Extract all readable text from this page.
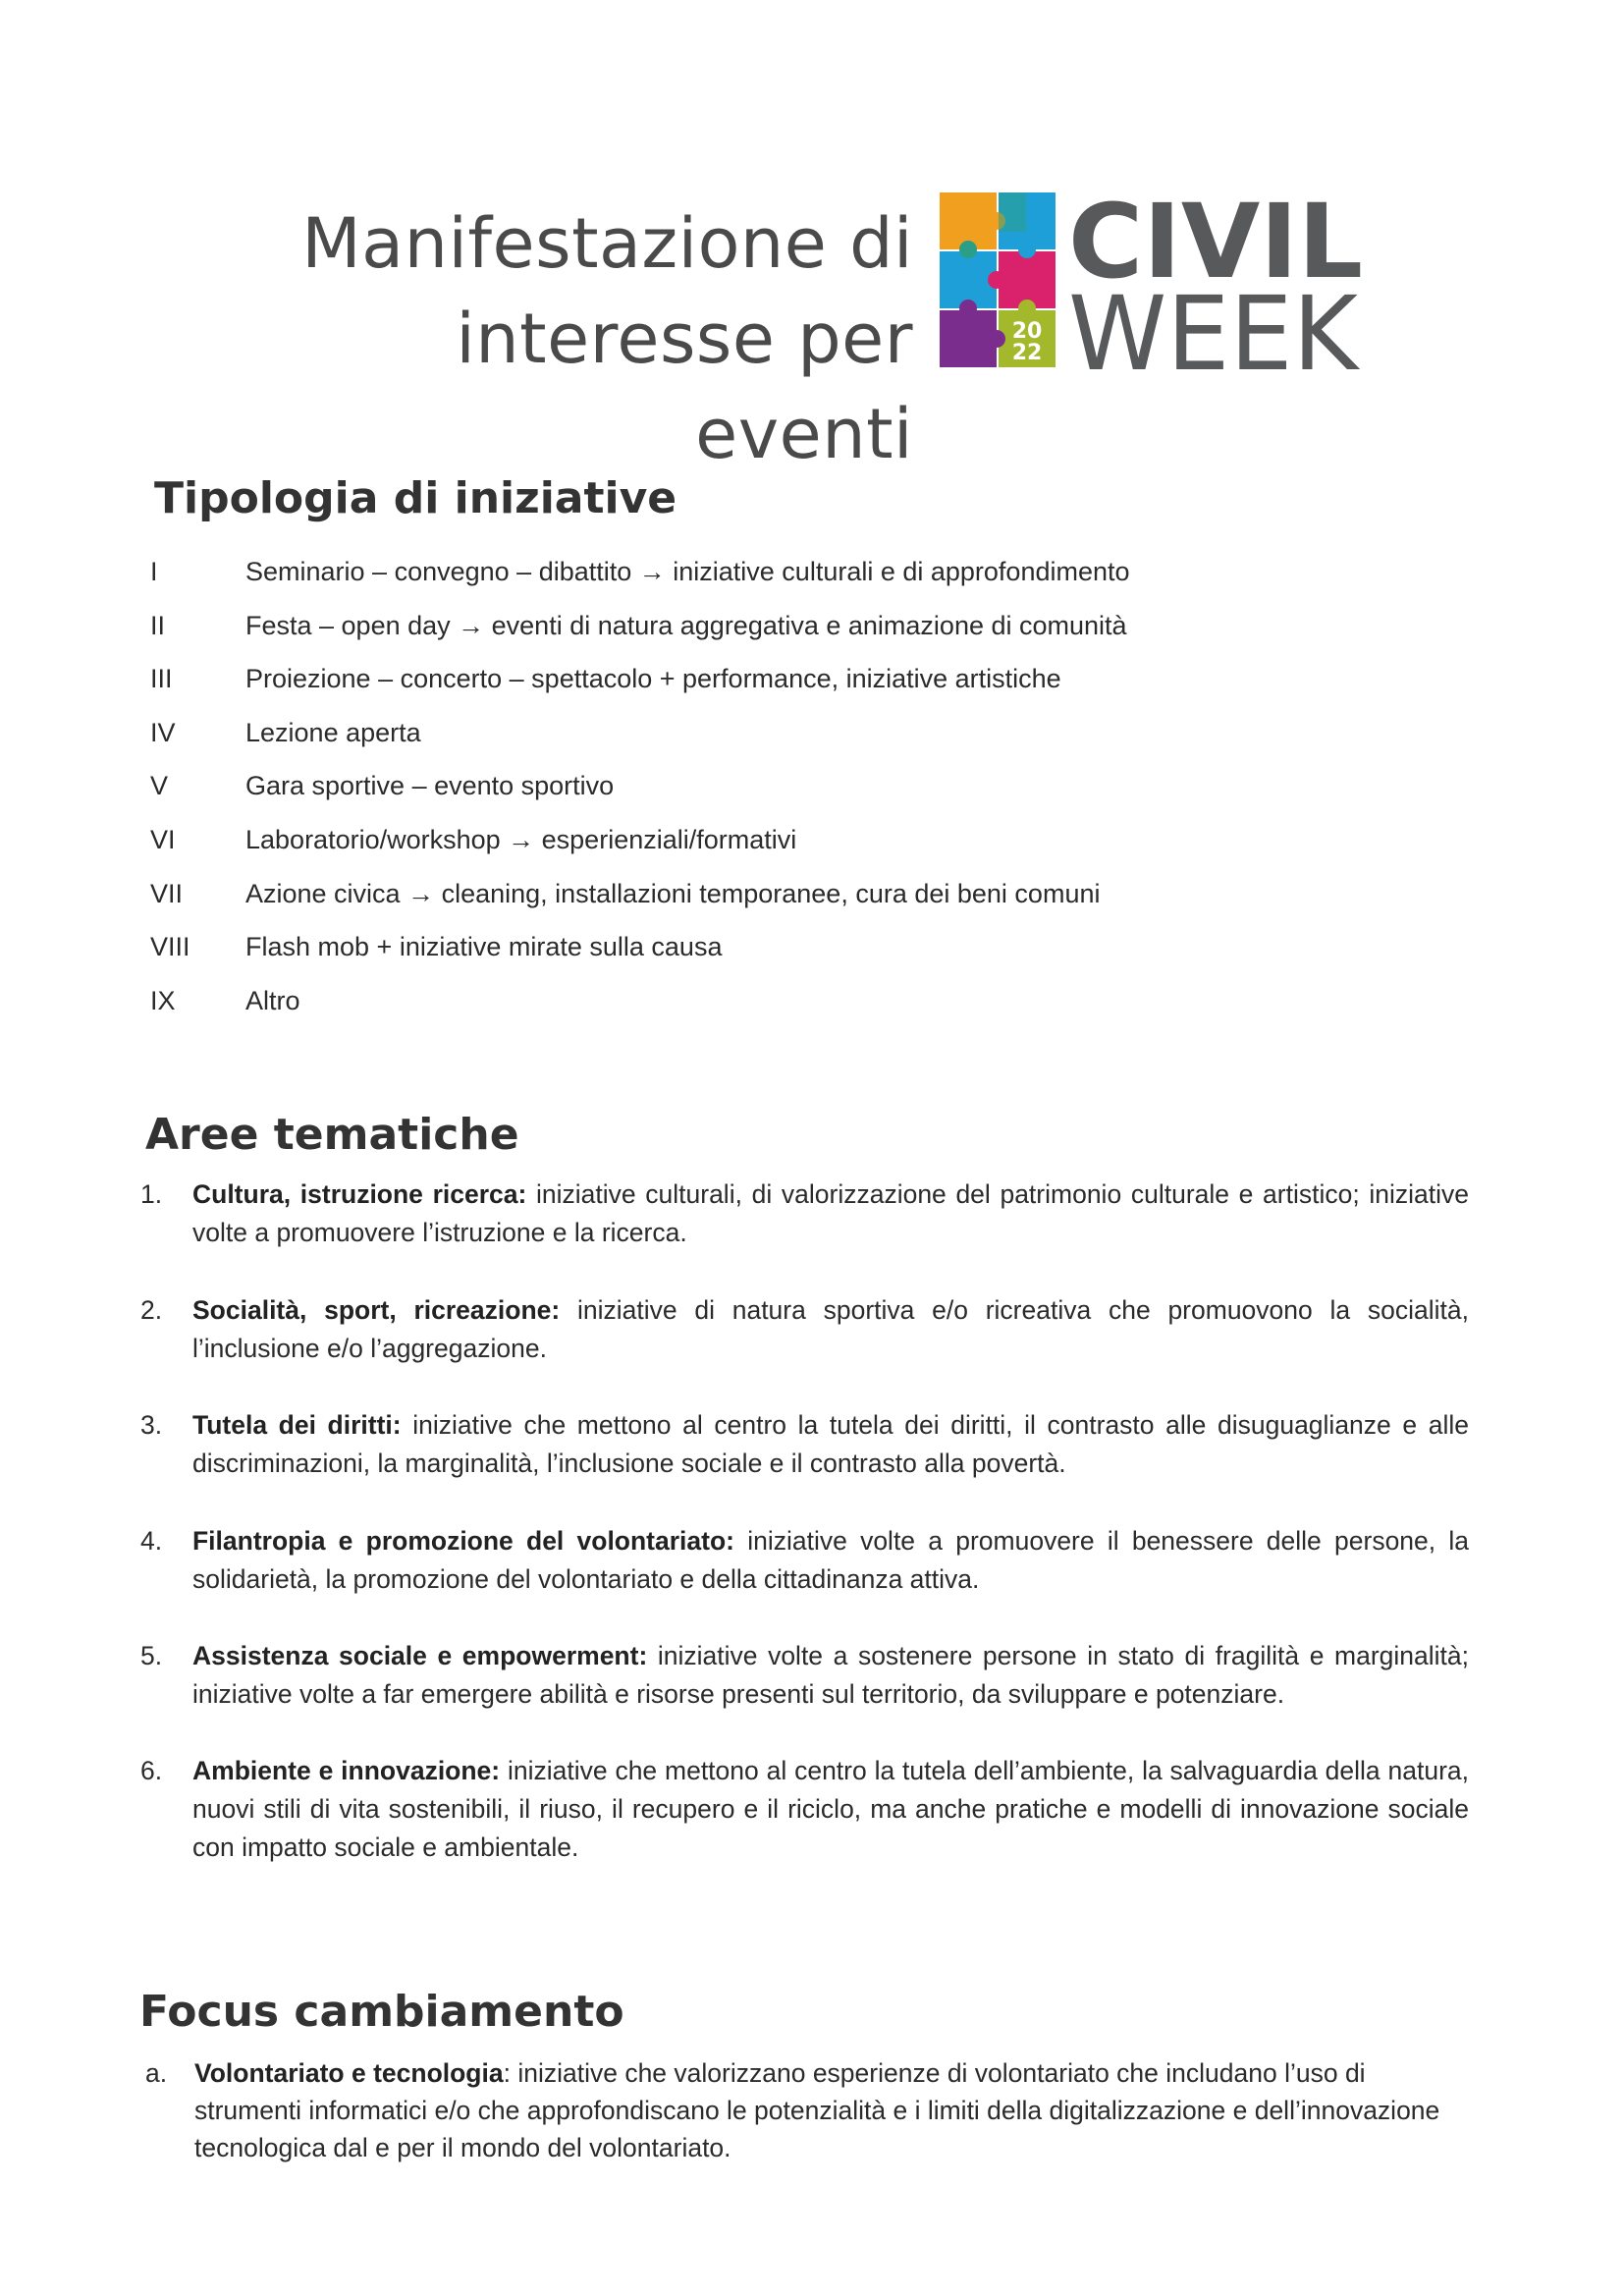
Manifestazione di
interesse per eventi
20
22
CIVIL
WEEK
Tipologia di iniziative
I	Seminario – convegno – dibattito → iniziative culturali e di approfondimento
II	Festa – open day → eventi di natura aggregativa e animazione di comunità
III	Proiezione – concerto – spettacolo + performance, iniziative artistiche
IV	Lezione aperta
V	Gara sportive – evento sportivo
VI	Laboratorio/workshop → esperienziali/formativi
VII Azione civica → cleaning, installazioni temporanee, cura dei beni comuni
VIII Flash mob + iniziative mirate sulla causa
IX	Altro
Aree tematiche
1. Cultura, istruzione ricerca: iniziative culturali, di valorizzazione del patrimonio culturale e artistico; iniziative volte a promuovere l’istruzione e la ricerca.
2. Socialità, sport, ricreazione: iniziative di natura sportiva e/o ricreativa che promuovono la socialità, l’inclusione e/o l’aggregazione.
3. Tutela dei diritti: iniziative che mettono al centro la tutela dei diritti, il contrasto alle disuguaglianze e alle discriminazioni, la marginalità, l’inclusione sociale e il contrasto alla povertà.
4. Filantropia e promozione del volontariato: iniziative volte a promuovere il benessere delle persone, la solidarietà, la promozione del volontariato e della cittadinanza attiva.
5. Assistenza sociale e empowerment: iniziative volte a sostenere persone in stato di fragilità e marginalità; iniziative volte a far emergere abilità e risorse presenti sul territorio, da sviluppare e potenziare.
6. Ambiente e innovazione: iniziative che mettono al centro la tutela dell’ambiente, la salvaguardia della natura, nuovi stili di vita sostenibili, il riuso, il recupero e il riciclo, ma anche pratiche e modelli di innovazione sociale con impatto sociale e ambientale.
Focus cambiamento
a. Volontariato e tecnologia: iniziative che valorizzano esperienze di volontariato che includano l’uso di strumenti informatici e/o che approfondiscano le potenzialità e i limiti della digitalizzazione e dell’innovazione tecnologica dal e per il mondo del volontariato.
